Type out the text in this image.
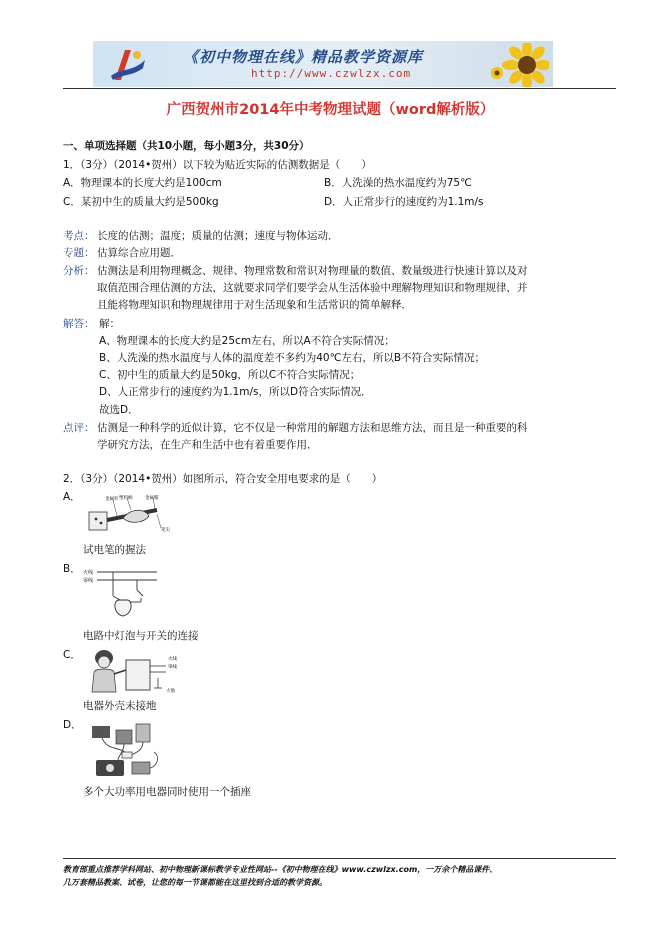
《初中物理在线》精品教学资源库
http://www.czwlzx.com
广西贺州市2014年中考物理试题（word解析版）
一、单项选择题（共10小题，每小题3分，共30分）
1．（3分）（2014•贺州）以下较为贴近实际的估测数据是（　　）
A．物理课本的长度大约是100cm	B．人洗澡的热水温度约为75℃
C．某初中生的质量大约是500kg	D．人正常步行的速度约为1.1m/s
考点： 长度的估测；温度；质量的估测；速度与物体运动．
专题： 估算综合应用题．
分析： 估测法是利用物理概念、规律、物理常数和常识对物理量的数值、数量级进行快速计算以及对
取值范围合理估测的方法，这就要求同学们要学会从生活体验中理解物理知识和物理规律，并
且能将物理知识和物理规律用于对生活现象和生活常识的简单解释．
解答： 解：
A、物理课本的长度大约是25cm左右，所以A不符合实际情况；
B、人洗澡的热水温度与人体的温度差不多约为40℃左右，所以B不符合实际情况；
C、初中生的质量大约是50kg，所以C不符合实际情况；
D、人正常步行的速度约为1.1m/s，所以D符合实际情况．
故选D．
点评： 估测是一种科学的近似计算，它不仅是一种常用的解题方法和思维方法，而且是一种重要的科
学研究方法，在生产和生活中也有着重要作用．
2．（3分）（2014•贺州）如图所示，符合安全用电要求的是（　　）
A．	塑料柄	金属帽
金属杆
笔尖
试电笔的握法
B． 火线
零线
电路中灯泡与开关的连接
C．	火线
零线
大地
电器外壳未接地
D．
多个大功率用电器同时使用一个插座
教育部重点推荐学科网站、初中物理新课标教学专业性网站--《初中物理在线》www.czwlzx.com，一万余个精品课件、
几万套精品教案、试卷，让您的每一节课都能在这里找到合适的教学资源。
